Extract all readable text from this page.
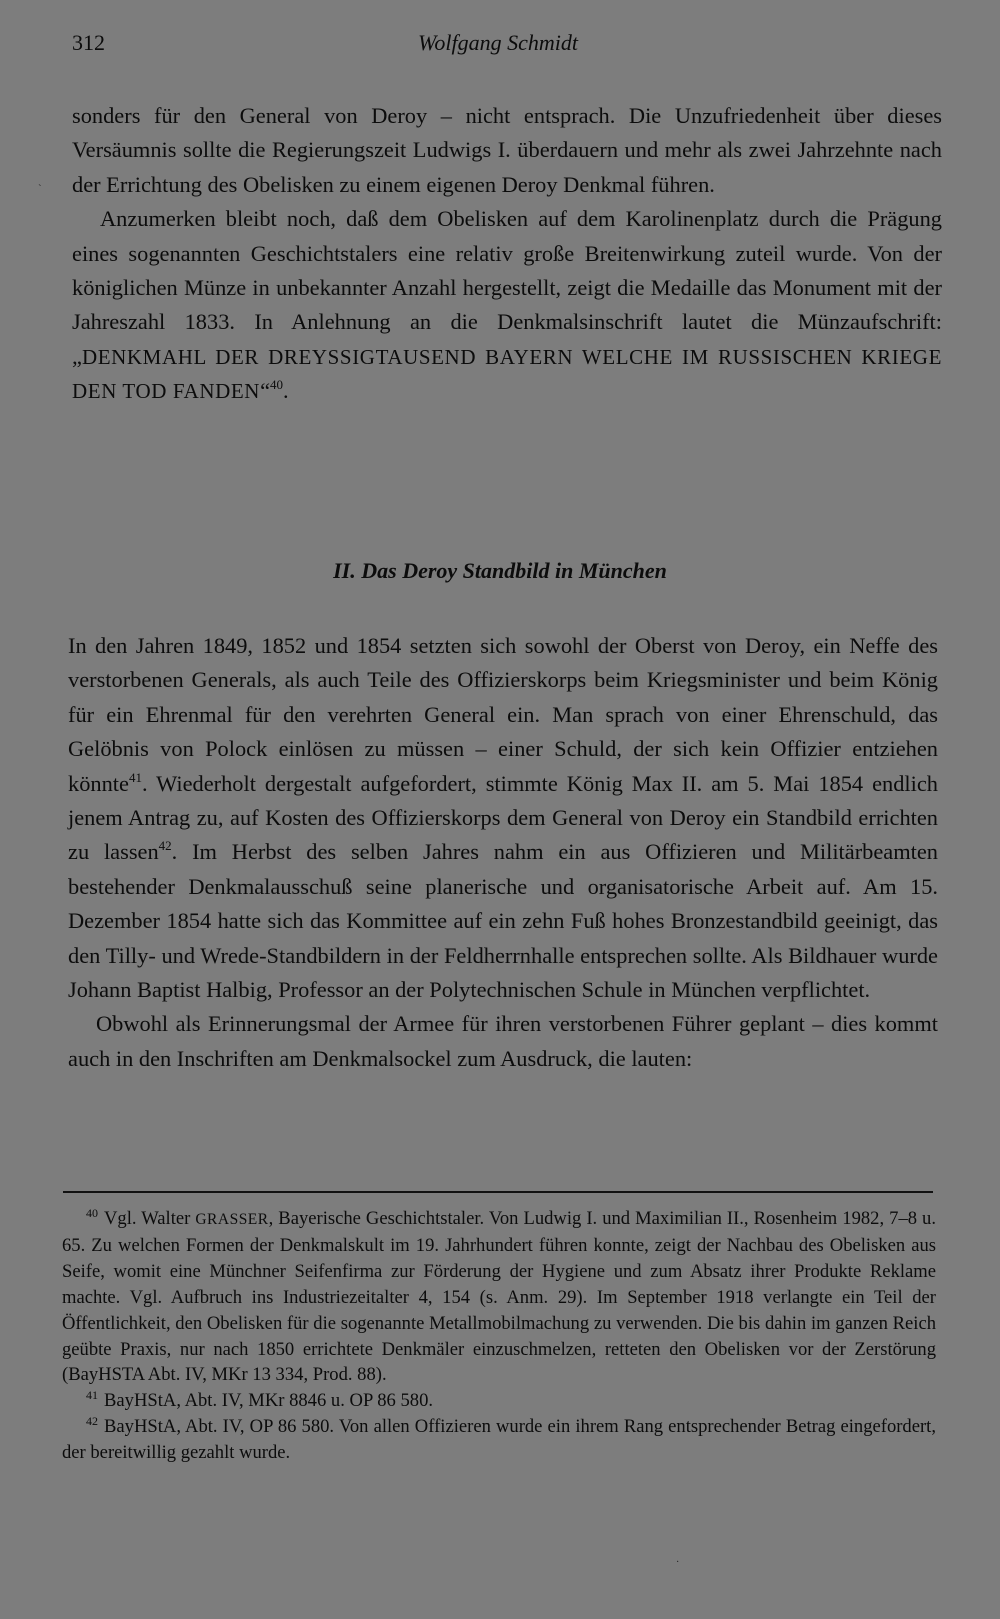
312	Wolfgang Schmidt

sonders für den General von Deroy – nicht entsprach. Die Unzufriedenheit über dieses Versäumnis sollte die Regierungszeit Ludwigs I. überdauern und mehr als zwei Jahrzehnte nach der Errichtung des Obelisken zu einem eigenen Deroy Denkmal führen.

Anzumerken bleibt noch, daß dem Obelisken auf dem Karolinenplatz durch die Prägung eines sogenannten Geschichtstalers eine relativ große Breitenwirkung zuteil wurde. Von der königlichen Münze in unbekannter Anzahl hergestellt, zeigt die Medaille das Monument mit der Jahreszahl 1833. In Anlehnung an die Denkmalsinschrift lautet die Münzaufschrift: „DENKMAHL DER DREYSSIGTAUSEND BAYERN WELCHE IM RUSSISCHEN KRIEGE DEN TOD FANDEN“$^{40}$.

II. Das Deroy Standbild in München

In den Jahren 1849, 1852 und 1854 setzten sich sowohl der Oberst von Deroy, ein Neffe des verstorbenen Generals, als auch Teile des Offizierskorps beim Kriegsminister und beim König für ein Ehrenmal für den verehrten General ein. Man sprach von einer Ehrenschuld, das Gelöbnis von Polock einlösen zu müssen – einer Schuld, der sich kein Offizier entziehen könnte$^{41}$. Wiederholt dergestalt aufgefordert, stimmte König Max II. am 5. Mai 1854 endlich jenem Antrag zu, auf Kosten des Offizierskorps dem General von Deroy ein Standbild errichten zu lassen$^{42}$. Im Herbst des selben Jahres nahm ein aus Offizieren und Militärbeamten bestehender Denkmalausschuß seine planerische und organisatorische Arbeit auf. Am 15. Dezember 1854 hatte sich das Kommittee auf ein zehn Fuß hohes Bronzestandbild geeinigt, das den Tilly- und Wrede-Standbildern in der Feldherrnhalle entsprechen sollte. Als Bildhauer wurde Johann Baptist Halbig, Professor an der Polytechnischen Schule in München verpflichtet.

Obwohl als Erinnerungsmal der Armee für ihren verstorbenen Führer geplant – dies kommt auch in den Inschriften am Denkmalsockel zum Ausdruck, die lauten:

$^{40}$ Vgl. Walter GRASSER, Bayerische Geschichtstaler. Von Ludwig I. und Maximilian II., Rosenheim 1982, 7–8 u. 65. Zu welchen Formen der Denkmalskult im 19. Jahrhundert führen konnte, zeigt der Nachbau des Obelisken aus Seife, womit eine Münchner Seifenfirma zur Förderung der Hygiene und zum Absatz ihrer Produkte Reklame machte. Vgl. Aufbruch ins Industriezeitalter 4, 154 (s. Anm. 29). Im September 1918 verlangte ein Teil der Öffentlichkeit, den Obelisken für die sogenannte Metallmobilmachung zu verwenden. Die bis dahin im ganzen Reich geübte Praxis, nur nach 1850 errichtete Denkmäler einzuschmelzen, retteten den Obelisken vor der Zerstörung (BayHSTA Abt. IV, MKr 13 334, Prod. 88).

$^{41}$ BayHStA, Abt. IV, MKr 8846 u. OP 86 580.

$^{42}$ BayHStA, Abt. IV, OP 86 580. Von allen Offizieren wurde ein ihrem Rang entsprechender Betrag eingefordert, der bereitwillig gezahlt wurde.

ˋ
·
